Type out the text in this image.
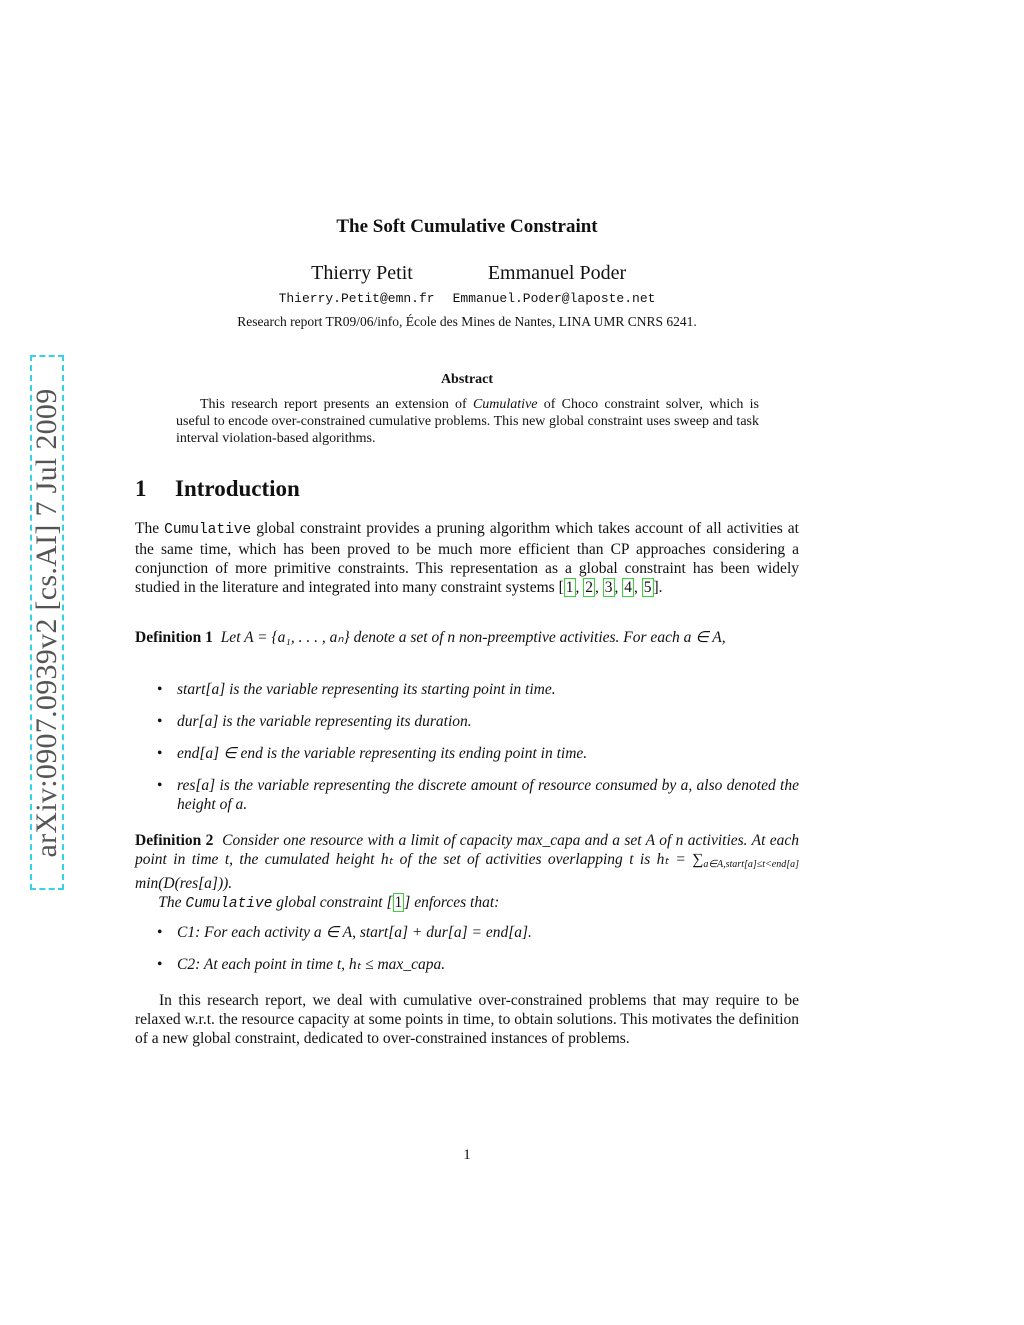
arXiv:0907.0939v2 [cs.AI] 7 Jul 2009
The Soft Cumulative Constraint
Thierry Petit	Emmanuel Poder
Thierry.Petit@emn.fr Emmanuel.Poder@laposte.net
Research report TR09/06/info, École des Mines de Nantes, LINA UMR CNRS 6241.
Abstract
This research report presents an extension of Cumulative of Choco constraint solver, which is useful to encode over-constrained cumulative problems. This new global constraint uses sweep and task interval violation-based algorithms.
1 Introduction
The Cumulative global constraint provides a pruning algorithm which takes account of all activities at the same time, which has been proved to be much more efficient than CP approaches considering a conjunction of more primitive constraints. This representation as a global constraint has been widely studied in the literature and integrated into many constraint systems [ 1 , 2 , 3 , 4 , 5 ].
Definition 1 Let A = {a₁, . . . , aₙ} denote a set of n non-preemptive activities. For each a ∈ A,
• start[a] is the variable representing its starting point in time.
• dur[a] is the variable representing its duration.
• end[a] ∈ end is the variable representing its ending point in time.
• res[a] is the variable representing the discrete amount of resource consumed by a, also denoted the height of a.
Definition 2 Consider one resource with a limit of capacity max_capa and a set A of n activities. At each point in time t, the cumulated height hₜ of the set of activities overlapping t is $h_t = \sum_{a\in A,start[a]\le t<end[a]}$ min(D(res[a])).
The Cumulative global constraint [ 1 ] enforces that:
• C1: For each activity a ∈ A, start[a] + dur[a] = end[a].
• C2: At each point in time t, hₜ ≤ max_capa.
In this research report, we deal with cumulative over-constrained problems that may require to be relaxed w.r.t. the resource capacity at some points in time, to obtain solutions. This motivates the definition of a new global constraint, dedicated to over-constrained instances of problems.
1
